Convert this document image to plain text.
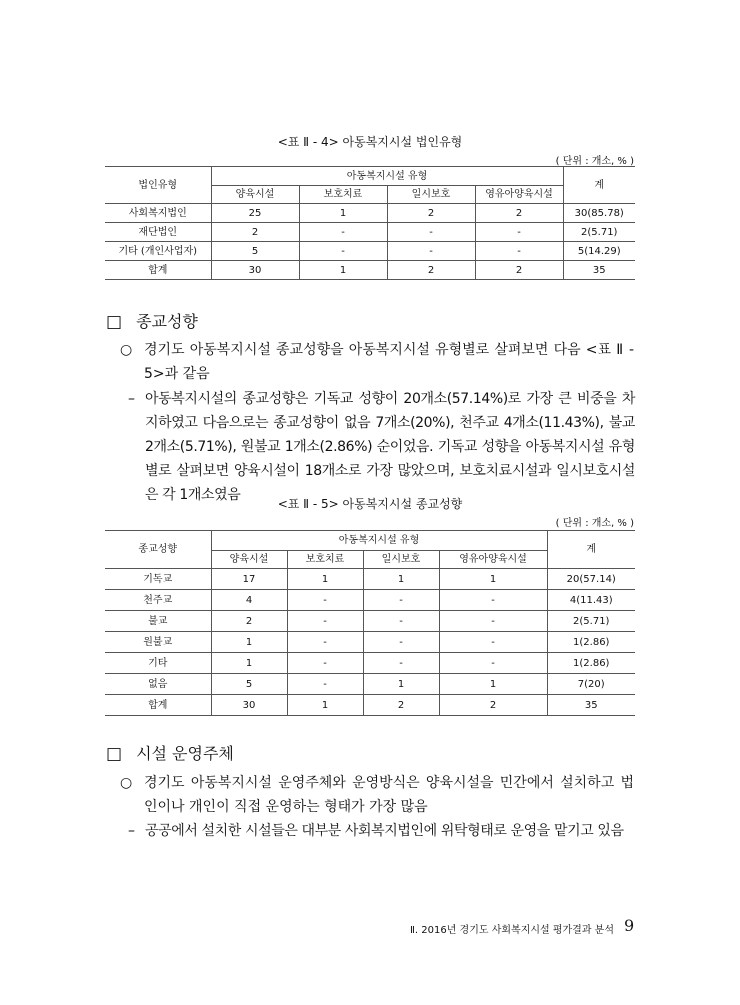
<표 Ⅱ - 4> 아동복지시설 법인유형
( 단위 : 개소, % )
법인유형	아동복지시설 유형				계
	양육시설	보호치료	일시보호	영유아양육시설	
사회복지법인	25	1	2	2	30(85.78)
재단법인	2	-	-	-	2(5.71)
기타 (개인사업자)	5	-	-	-	5(14.29)
합계	30	1	2	2	35
□ 종교성향
○ 경기도 아동복지시설 종교성향을 아동복지시설 유형별로 살펴보면 다음 <표 Ⅱ - 5>과 같음
– 아동복지시설의 종교성향은 기독교 성향이 20개소(57.14%)로 가장 큰 비중을 차지하였고 다음으로는 종교성향이 없음 7개소(20%), 천주교 4개소(11.43%), 불교 2개소(5.71%), 원불교 1개소(2.86%) 순이었음. 기독교 성향을 아동복지시설 유형별로 살펴보면 양육시설이 18개소로 가장 많았으며, 보호치료시설과 일시보호시설은 각 1개소였음
<표 Ⅱ - 5> 아동복지시설 종교성향
( 단위 : 개소, % )
종교성향	아동복지시설 유형				계
	양육시설	보호치료	일시보호	영유아양육시설	
기독교	17	1	1	1	20(57.14)
천주교	4	-	-	-	4(11.43)
불교	2	-	-	-	2(5.71)
원불교	1	-	-	-	1(2.86)
기타	1	-	-	-	1(2.86)
없음	5	-	1	1	7(20)
합계	30	1	2	2	35
□ 시설 운영주체
○ 경기도 아동복지시설 운영주체와 운영방식은 양육시설을 민간에서 설치하고 법인이나 개인이 직접 운영하는 형태가 가장 많음
– 공공에서 설치한 시설들은 대부분 사회복지법인에 위탁형태로 운영을 맡기고 있음
Ⅱ. 2016년 경기도 사회복지시설 평가결과 분석 9
